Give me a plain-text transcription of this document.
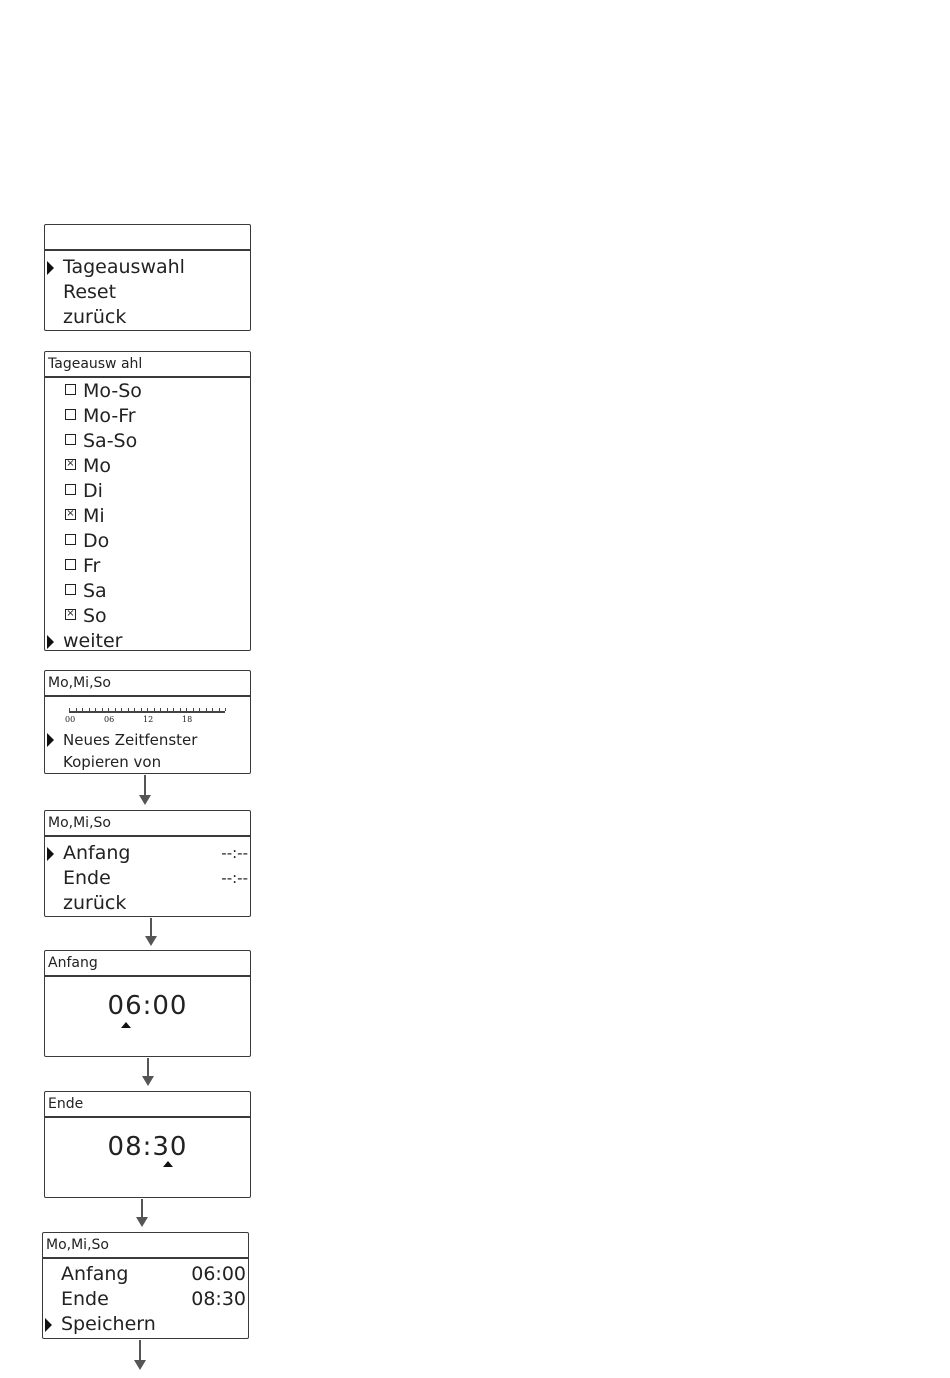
Tageauswahl
Reset
zurück
Tageausw ahl
Mo-So
Mo-Fr
Sa-So
× Mo
Di
× Mi
Do
Fr
Sa
× So
weiter
Mo,Mi,So
00	06	12	18
Neues Zeitfenster
Kopieren von
Mo,Mi,So
Anfang	--:--
Ende	--:--
zurück
Anfang
06:00
Ende
08:30
Mo,Mi,So
Anfang	06:00
Ende	08:30
Speichern
